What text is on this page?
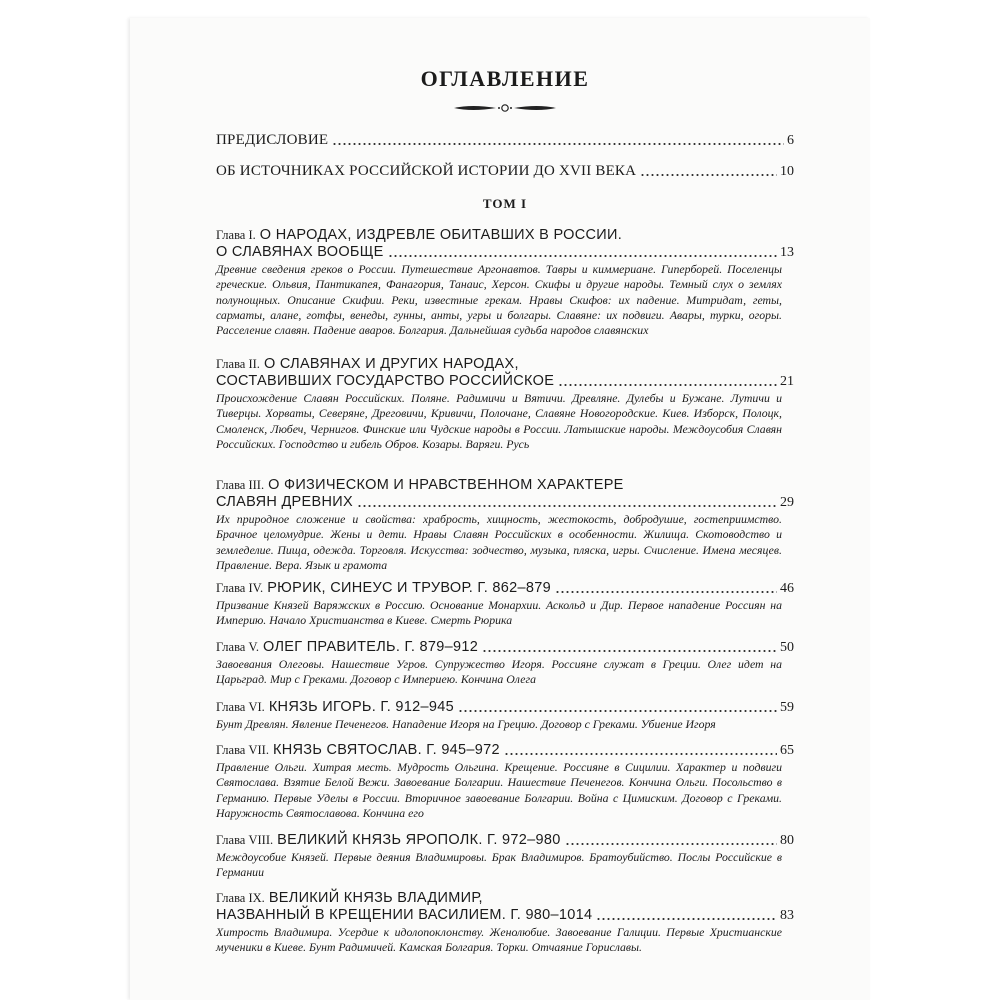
ОГЛАВЛЕНИЕ
ПРЕДИСЛОВИЕ	6
ОБ ИСТОЧНИКАХ РОССИЙСКОЙ ИСТОРИИ ДО XVII ВЕКА	10
ТОМ I
Глава I.
О НАРОДАХ, ИЗДРЕВЛЕ ОБИТАВШИХ В РОССИИ.
О СЛАВЯНАХ ВООБЩЕ	13
Древние сведения греков о России. Путешествие Аргонавтов. Тавры и киммериане. Гиперборей. Поселенцы греческие. Ольвия, Пантикапея, Фанагория, Танаис, Херсон. Скифы и другие народы. Темный слух о землях полунощных. Описание Скифии. Реки, известные грекам. Нравы Скифов: их падение. Митридат, геты, сарматы, алане, готфы, венеды, гунны, анты, угры и болгары. Славяне: их подвиги. Авары, турки, огоры. Расселение славян. Падение аваров. Болгария. Дальнейшая судьба народов славянских
Глава II.
О СЛАВЯНАХ И ДРУГИХ НАРОДАХ,
СОСТАВИВШИХ ГОСУДАРСТВО РОССИЙСКОЕ	21
Происхождение Славян Российских. Поляне. Радимичи и Вятичи. Древляне. Дулебы и Бужане. Лутичи и Тиверцы. Хорваты, Северяне, Дреговичи, Кривичи, Полочане, Славяне Новогородские. Киев. Изборск, Полоцк, Смоленск, Любеч, Чернигов. Финские или Чудские народы в России. Латышские народы. Междоусобия Славян Российских. Господство и гибель Обров. Козары. Варяги. Русь
Глава III.
О ФИЗИЧЕСКОМ И НРАВСТВЕННОМ ХАРАКТЕРЕ
СЛАВЯН ДРЕВНИХ	29
Их природное сложение и свойства: храбрость, хищность, жестокость, добродушие, гостеприимство. Брачное целомудрие. Жены и дети. Нравы Славян Российских в особенности. Жилища. Скотоводство и земледелие. Пища, одежда. Торговля. Искусства: зодчество, музыка, пляска, игры. Счисление. Имена месяцев. Правление. Вера. Язык и грамота
Глава IV.
РЮРИК, СИНЕУС И ТРУВОР. Г. 862–879	46
Призвание Князей Варяжских в Россию. Основание Монархии. Аскольд и Дир. Первое нападение Россиян на Империю. Начало Христианства в Киеве. Смерть Рюрика
Глава V.
ОЛЕГ ПРАВИТЕЛЬ. Г. 879–912	50
Завоевания Олеговы. Нашествие Угров. Супружество Игоря. Россияне служат в Греции. Олег идет на Царьград. Мир с Греками. Договор с Империею. Кончина Олега
Глава VI.
КНЯЗЬ ИГОРЬ. Г. 912–945	59
Бунт Древлян. Явление Печенегов. Нападение Игоря на Грецию. Договор с Греками. Убиение Игоря
Глава VII.
КНЯЗЬ СВЯТОСЛАВ. Г. 945–972	65
Правление Ольги. Хитрая месть. Мудрость Ольгина. Крещение. Россияне в Сицилии. Характер и подвиги Святослава. Взятие Белой Вежи. Завоевание Болгарии. Нашествие Печенегов. Кончина Ольги. Посольство в Германию. Первые Уделы в России. Вторичное завоевание Болгарии. Война с Цимиским. Договор с Греками. Наружность Святославова. Кончина его
Глава VIII.
ВЕЛИКИЙ КНЯЗЬ ЯРОПОЛК. Г. 972–980	80
Междоусобие Князей. Первые деяния Владимировы. Брак Владимиров. Братоубийство. Послы Российские в Германии
Глава IX.
ВЕЛИКИЙ КНЯЗЬ ВЛАДИМИР,
НАЗВАННЫЙ В КРЕЩЕНИИ ВАСИЛИЕМ. Г. 980–1014	83
Хитрость Владимира. Усердие к идолопоклонству. Женолюбие. Завоевание Галиции. Первые Христианские мученики в Киеве. Бунт Радимичей. Камская Болгария. Торки. Отчаяние Гориславы.
